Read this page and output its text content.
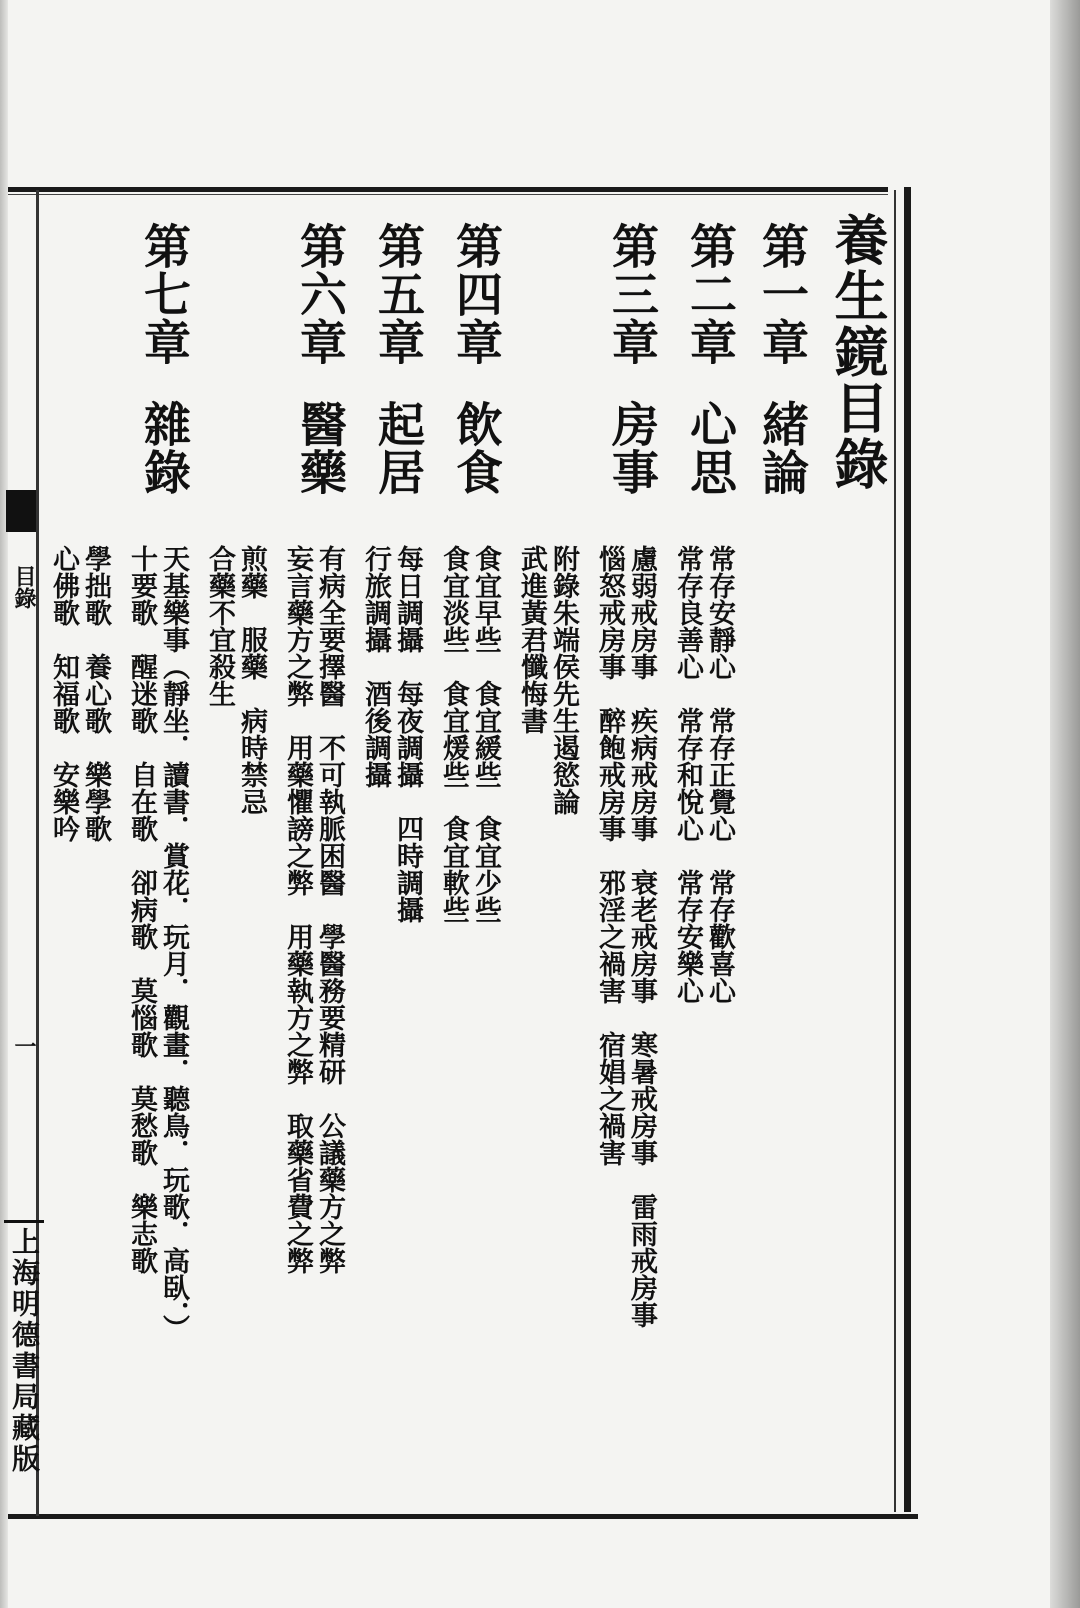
養生鏡目錄
第一章
緒論
第二章
心思
常存安靜心　常存正覺心　常存歡喜心
常存良善心　常存和悅心　常存安樂心
第三章
房事
慮弱戒房事　疾病戒房事　衰老戒房事　寒暑戒房事　雷雨戒房事
惱怒戒房事　醉飽戒房事　邪淫之禍害　宿娼之禍害
附錄朱端侯先生遏慾論
武進黃君懺悔書
第四章
飲食
食宜早些　食宜緩些　食宜少些
食宜淡些　食宜煖些　食宜軟些
第五章
起居
每日調攝　每夜調攝　四時調攝
行旅調攝　酒後調攝
第六章
醫藥
有病全要擇醫　不可執脈困醫　學醫務要精研　公議藥方之弊
妄言藥方之弊　用藥懼謗之弊　用藥執方之弊　取藥省費之弊
煎藥　服藥　病時禁忌
合藥不宜殺生
第七章
雜錄
天基樂事（靜坐．讀書．賞花．玩月．觀畫．聽鳥．玩歌．高臥．）
十要歌　醒迷歌　自在歌　卻病歌　莫惱歌　莫愁歌　樂志歌
學拙歌　養心歌　樂學歌
心佛歌　知福歌　安樂吟
目錄
一
上海明德書局藏版
